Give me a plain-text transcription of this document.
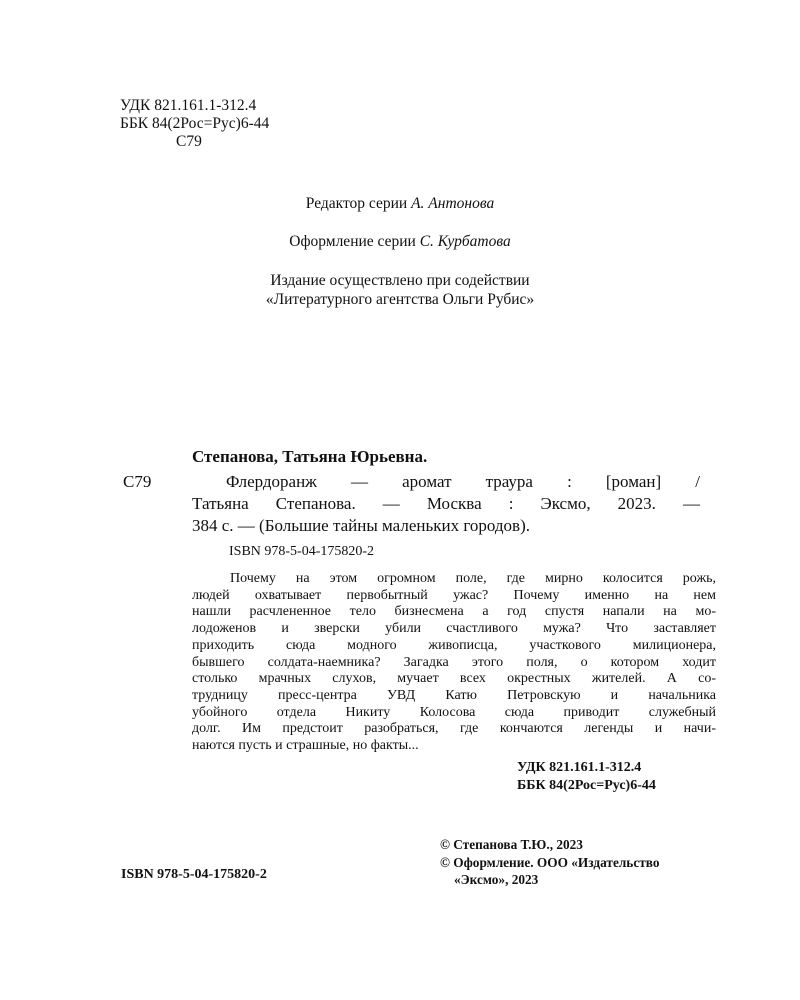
УДК 821.161.1-312.4
ББК 84(2Рос=Рус)6-44
С79
Редактор серии А. Антонова
Оформление серии С. Курбатова
Издание осуществлено при содействии
«Литературного агентства Ольги Рубис»
Степанова, Татьяна Юрьевна.
С79	Флердоранж — аромат траура : [роман] /
Татьяна Степанова. — Москва : Эксмо, 2023. —
384 с. — (Большие тайны маленьких городов).
ISBN 978-5-04-175820-2
Почему на этом огромном поле, где мирно колосится рожь,
людей охватывает первобытный ужас? Почему именно на нем
нашли расчлененное тело бизнесмена а год спустя напали на мо-
лодоженов и зверски убили счастливого мужа? Что заставляет
приходить сюда модного живописца, участкового милиционера,
бывшего солдата-наемника? Загадка этого поля, о котором ходит
столько мрачных слухов, мучает всех окрестных жителей. А со-
трудницу пресс-центра УВД Катю Петровскую и начальника
убойного отдела Никиту Колосова сюда приводит служебный
долг. Им предстоит разобраться, где кончаются легенды и начи-
наются пусть и страшные, но факты...
УДК 821.161.1-312.4
ББК 84(2Рос=Рус)6-44
ISBN 978-5-04-175820-2
© Степанова Т.Ю., 2023
© Оформление. ООО «Издательство
«Эксмо», 2023
